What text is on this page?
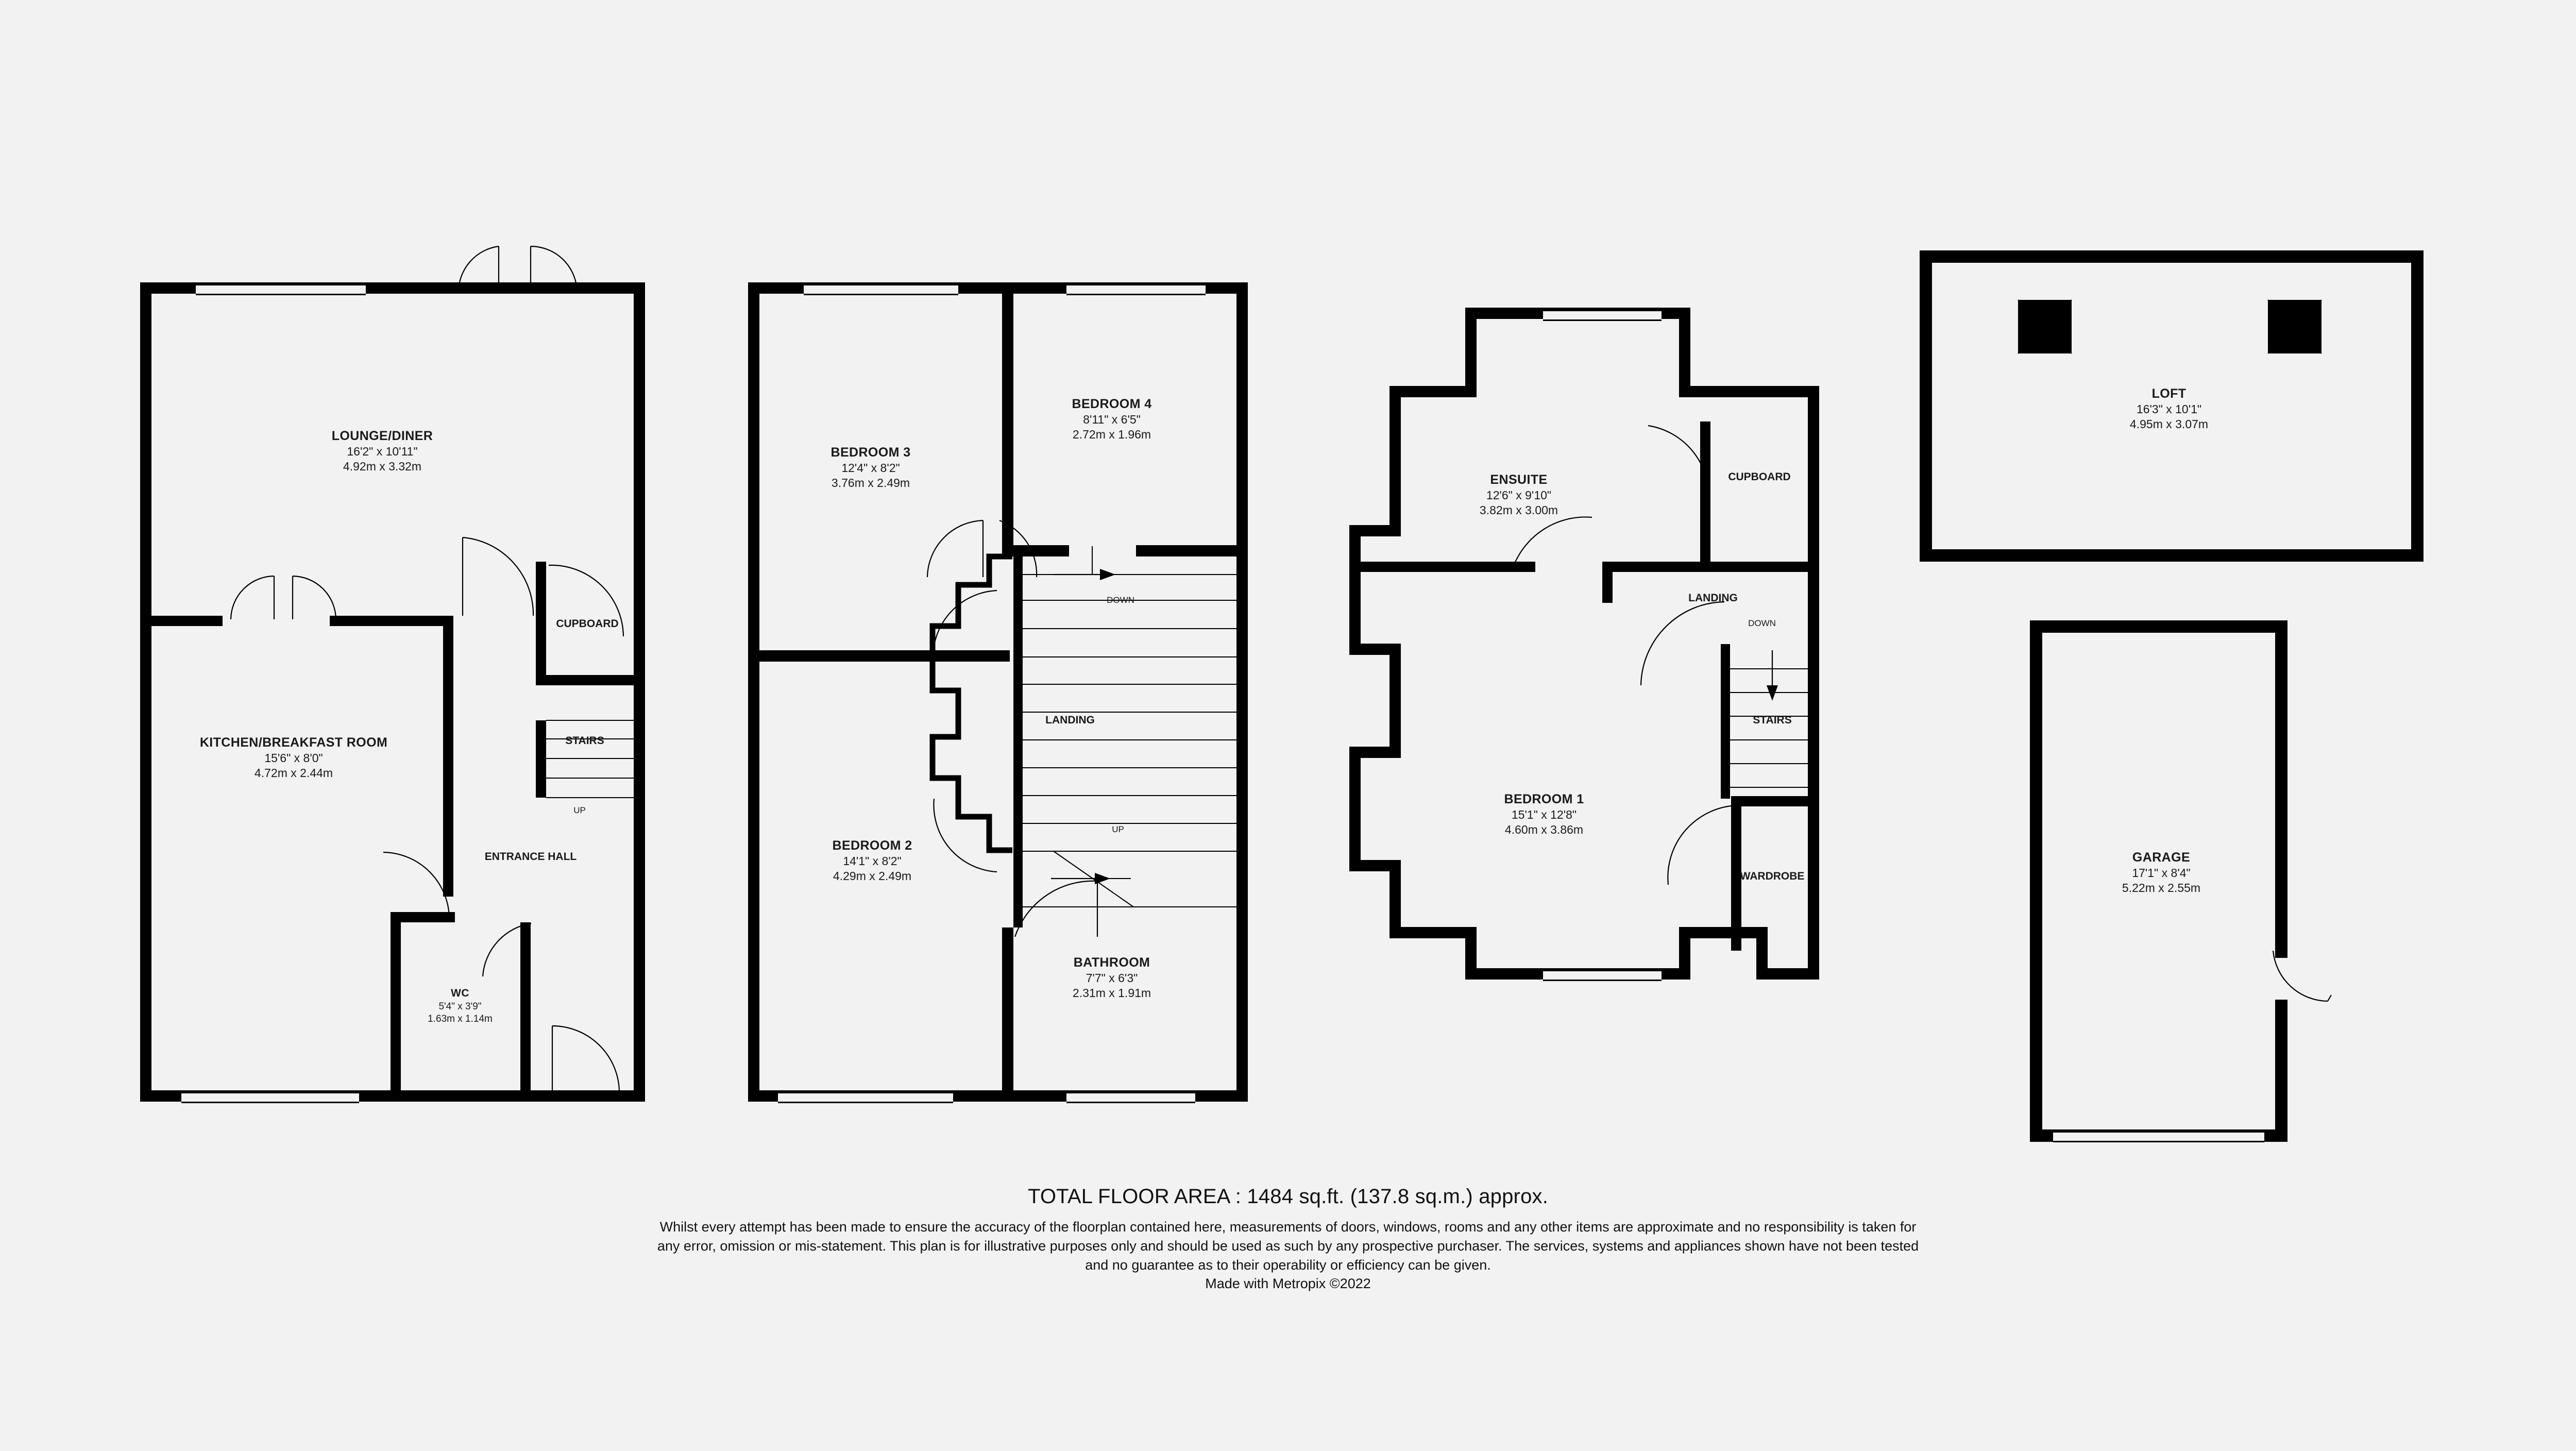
LOUNGE/DINER
16'2" x 10'11"
4.92m x 3.32m
KITCHEN/BREAKFAST ROOM
15'6" x 8'0"
4.72m x 2.44m
WC
5'4" x 3'9"
1.63m x 1.14m
ENTRANCE HALL
CUPBOARD
STAIRS
UP
BEDROOM 3
12'4" x 8'2"
3.76m x 2.49m
BEDROOM 4
8'11" x 6'5"
2.72m x 1.96m
BEDROOM 2
14'1" x 8'2"
4.29m x 2.49m
BATHROOM
7'7" x 6'3"
2.31m x 1.91m
LANDING
DOWN
UP
ENSUITE
12'6" x 9'10"
3.82m x 3.00m
BEDROOM 1
15'1" x 12'8"
4.60m x 3.86m
CUPBOARD
LANDING
DOWN
STAIRS
WARDROBE
LOFT
16'3" x 10'1"
4.95m x 3.07m
GARAGE
17'1" x 8'4"
5.22m x 2.55m
TOTAL FLOOR AREA : 1484 sq.ft. (137.8 sq.m.) approx.
Whilst every attempt has been made to ensure the accuracy of the floorplan contained here, measurements of doors, windows, rooms and any other items are approximate and no responsibility is taken for any error, omission or mis-statement. This plan is for illustrative purposes only and should be used as such by any prospective purchaser. The services, systems and appliances shown have not been tested and no guarantee as to their operability or efficiency can be given.
Made with Metropix ©2022
